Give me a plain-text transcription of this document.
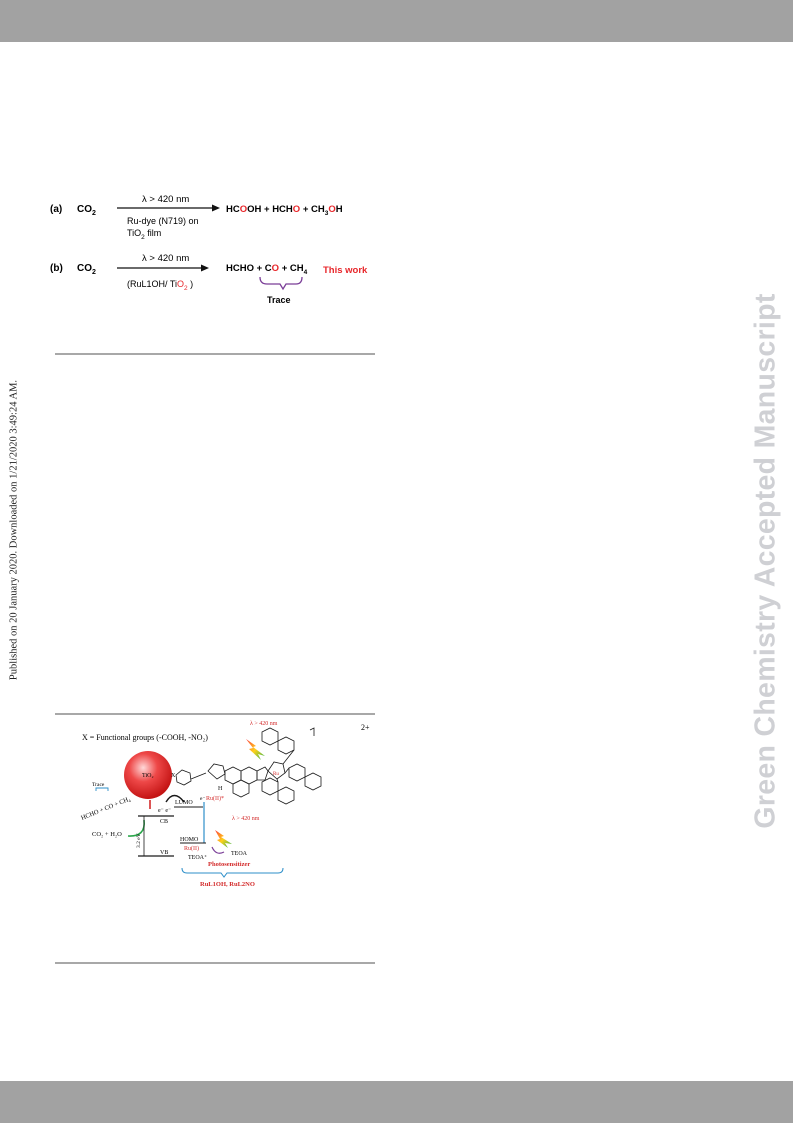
Published on 20 January 2020. Downloaded on 1/21/2020 3:49:24 AM.	Green Chemistry Accepted Manuscript
(a) $CO_2$
λ > 420 nm
Ru-dye (N719) on
TiO$_2$ film
HCOOH + HCHO + $CH_3OH$
(b) $CO_2$
λ > 420 nm
(RuL1OH/ TiO$_2$ )
HCHO + CO + $CH_4$
Trace
This work
X = Functional groups (-COOH, -NO₂)
λ > 420 nm	2+
Ru
H
TiO₂	X
Trace
HCHO + CO + CH₄
CO₂ + H₂O
e⁻ e⁻
CB
VB
3.2 eV
LUMO
e⁻ Ru(II)*
HOMO
Ru(II)
λ > 420 nm
TEOA
TEOA⁺
Photosensitizer
RuL1OH, RuL2NO
